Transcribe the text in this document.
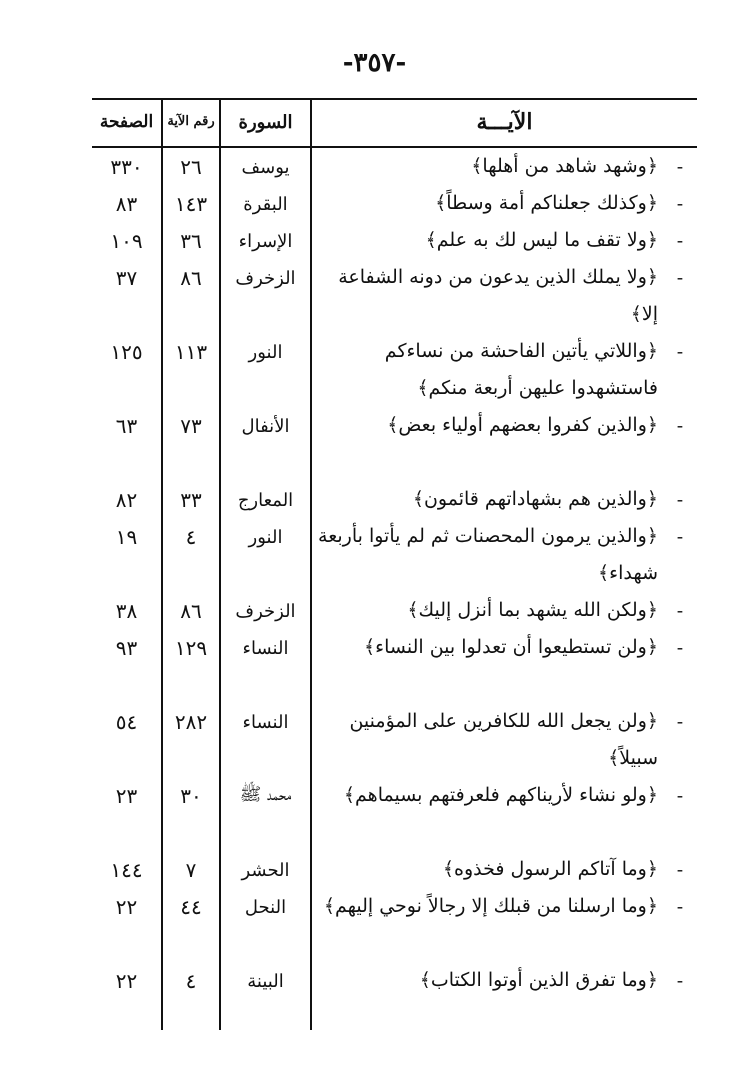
-٣٥٧-
الصفحة	رقم الآية	السورة	الآيـــة
٣٣٠	٢٦	يوسف	﴿وشهد شاهد من أهلها﴾ -
٨٣	١٤٣	البقرة	﴿وكذلك جعلناكم أمة وسطاً﴾ -
١٠٩	٣٦	الإسراء	﴿ولا تقف ما ليس لك به علم﴾ -
٣٧	٨٦	الزخرف	﴿ولا يملك الذين يدعون من دونه الشفاعة إلا﴾
-
١٢٥	١١٣	النور	﴿واللاتي يأتين الفاحشة من نساءكم فاستشهدوا عليهن أربعة منكم﴾
-
٦٣	٧٣	الأنفال	﴿والذين كفروا بعضهم أولياء بعض﴾ -
٨٢	٣٣	المعارج	﴿والذين هم بشهاداتهم قائمون﴾ -
١٩	٤	النور	﴿والذين يرمون المحصنات ثم لم يأتوا بأربعة شهداء﴾
-
٣٨	٨٦	الزخرف	﴿ولكن الله يشهد بما أنزل إليك﴾ -
٩٣	١٢٩	النساء	﴿ولن تستطيعوا أن تعدلوا بين النساء﴾ -
٥٤	٢٨٢	النساء	﴿ولن يجعل الله للكافرين على المؤمنين سبيلاً﴾
-
٢٣	٣٠	محمد ﷺ	﴿ولو نشاء لأريناكهم فلعرفتهم بسيماهم﴾ -
١٤٤	٧	الحشر	﴿وما آتاكم الرسول فخذوه﴾ -
٢٢	٤٤	النحل	﴿وما ارسلنا من قبلك إلا رجالاً نوحي إليهم﴾ -
٢٢	٤	البينة	﴿وما تفرق الذين أوتوا الكتاب﴾ -
